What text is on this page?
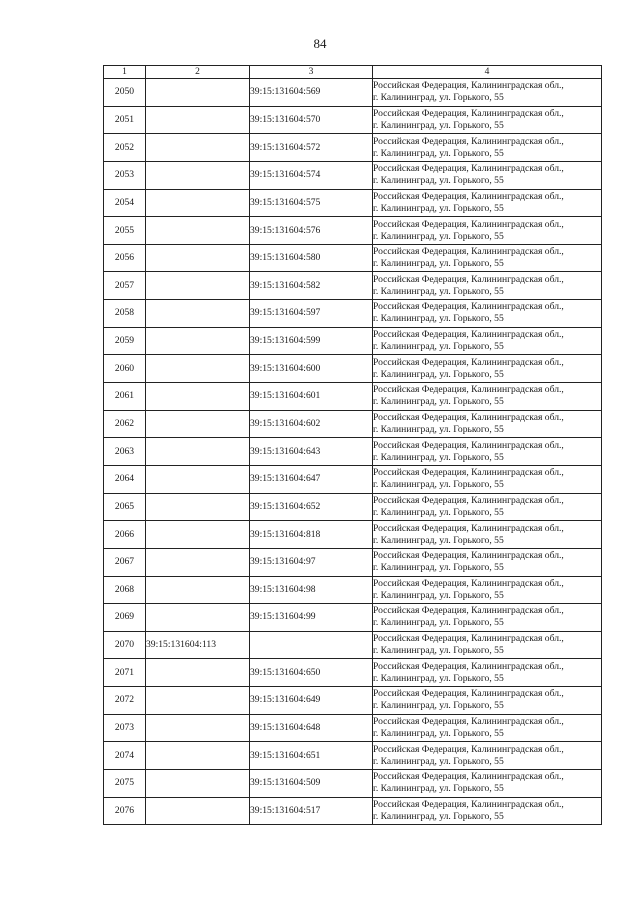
84
1	2	3	4
2050		39:15:131604:569	Российская Федерация, Калининградская обл.,
г. Калининград, ул. Горького, 55

2051		39:15:131604:570	Российская Федерация, Калининградская обл.,
г. Калининград, ул. Горького, 55

2052		39:15:131604:572	Российская Федерация, Калининградская обл.,
г. Калининград, ул. Горького, 55

2053		39:15:131604:574	Российская Федерация, Калининградская обл.,
г. Калининград, ул. Горького, 55

2054		39:15:131604:575	Российская Федерация, Калининградская обл.,
г. Калининград, ул. Горького, 55

2055		39:15:131604:576	Российская Федерация, Калининградская обл.,
г. Калининград, ул. Горького, 55

2056		39:15:131604:580	Российская Федерация, Калининградская обл.,
г. Калининград, ул. Горького, 55

2057		39:15:131604:582	Российская Федерация, Калининградская обл.,
г. Калининград, ул. Горького, 55

2058		39:15:131604:597	Российская Федерация, Калининградская обл.,
г. Калининград, ул. Горького, 55

2059		39:15:131604:599	Российская Федерация, Калининградская обл.,
г. Калининград, ул. Горького, 55

2060		39:15:131604:600	Российская Федерация, Калининградская обл.,
г. Калининград, ул. Горького, 55

2061		39:15:131604:601	Российская Федерация, Калининградская обл.,
г. Калининград, ул. Горького, 55

2062		39:15:131604:602	Российская Федерация, Калининградская обл.,
г. Калининград, ул. Горького, 55

2063		39:15:131604:643	Российская Федерация, Калининградская обл.,
г. Калининград, ул. Горького, 55

2064		39:15:131604:647	Российская Федерация, Калининградская обл.,
г. Калининград, ул. Горького, 55

2065		39:15:131604:652	Российская Федерация, Калининградская обл.,
г. Калининград, ул. Горького, 55

2066		39:15:131604:818	Российская Федерация, Калининградская обл.,
г. Калининград, ул. Горького, 55

2067		39:15:131604:97	Российская Федерация, Калининградская обл.,
г. Калининград, ул. Горького, 55

2068		39:15:131604:98	Российская Федерация, Калининградская обл.,
г. Калининград, ул. Горького, 55

2069		39:15:131604:99	Российская Федерация, Калининградская обл.,
г. Калининград, ул. Горького, 55

2070	39:15:131604:113		Российская Федерация, Калининградская обл.,
г. Калининград, ул. Горького, 55

2071		39:15:131604:650	Российская Федерация, Калининградская обл.,
г. Калининград, ул. Горького, 55

2072		39:15:131604:649	Российская Федерация, Калининградская обл.,
г. Калининград, ул. Горького, 55

2073		39:15:131604:648	Российская Федерация, Калининградская обл.,
г. Калининград, ул. Горького, 55

2074		39:15:131604:651	Российская Федерация, Калининградская обл.,
г. Калининград, ул. Горького, 55

2075		39:15:131604:509	Российская Федерация, Калининградская обл.,
г. Калининград, ул. Горького, 55

2076		39:15:131604:517	Российская Федерация, Калининградская обл.,
г. Калининград, ул. Горького, 55
